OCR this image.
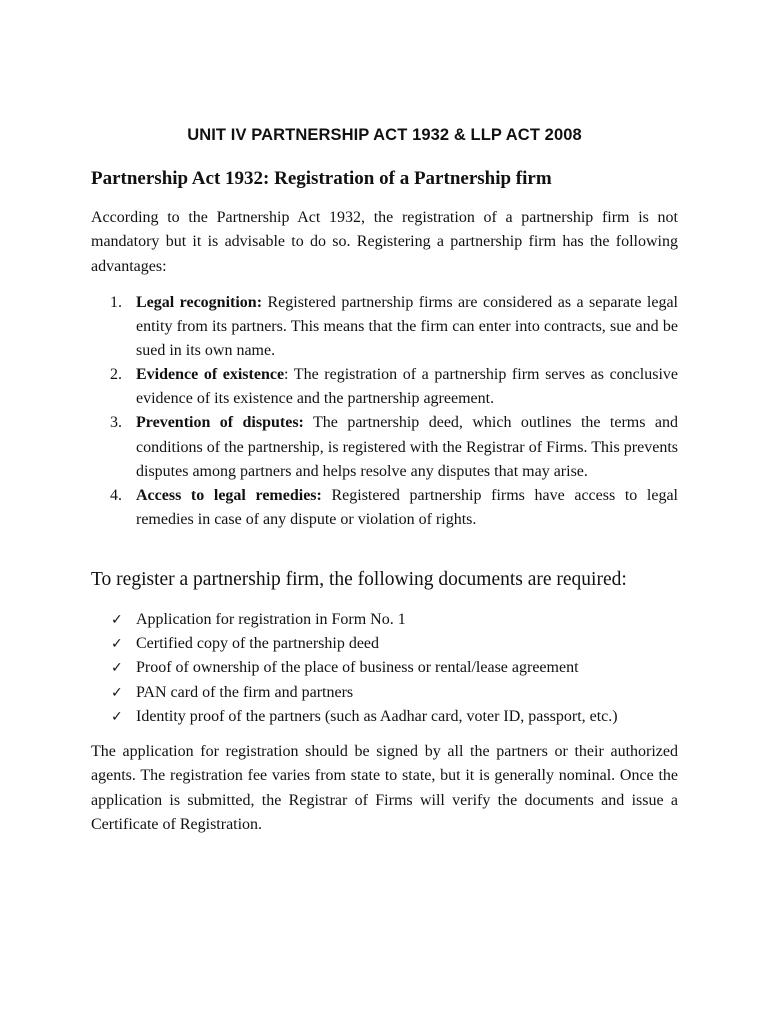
UNIT IV PARTNERSHIP ACT 1932 & LLP ACT 2008
Partnership Act 1932: Registration of a Partnership firm

According to the Partnership Act 1932, the registration of a partnership firm is not mandatory but it is advisable to do so. Registering a partnership firm has the following advantages:

1. Legal recognition: Registered partnership firms are considered as a separate legal entity from its partners. This means that the firm can enter into contracts, sue and be sued in its own name.
2. Evidence of existence: The registration of a partnership firm serves as conclusive evidence of its existence and the partnership agreement.
3. Prevention of disputes: The partnership deed, which outlines the terms and conditions of the partnership, is registered with the Registrar of Firms. This prevents disputes among partners and helps resolve any disputes that may arise.
4. Access to legal remedies: Registered partnership firms have access to legal remedies in case of any dispute or violation of rights.
To register a partnership firm, the following documents are required:
✓ Application for registration in Form No. 1
✓ Certified copy of the partnership deed
✓ Proof of ownership of the place of business or rental/lease agreement
✓ PAN card of the firm and partners
✓ Identity proof of the partners (such as Aadhar card, voter ID, passport, etc.)

The application for registration should be signed by all the partners or their authorized agents. The registration fee varies from state to state, but it is generally nominal. Once the application is submitted, the Registrar of Firms will verify the documents and issue a Certificate of Registration.
